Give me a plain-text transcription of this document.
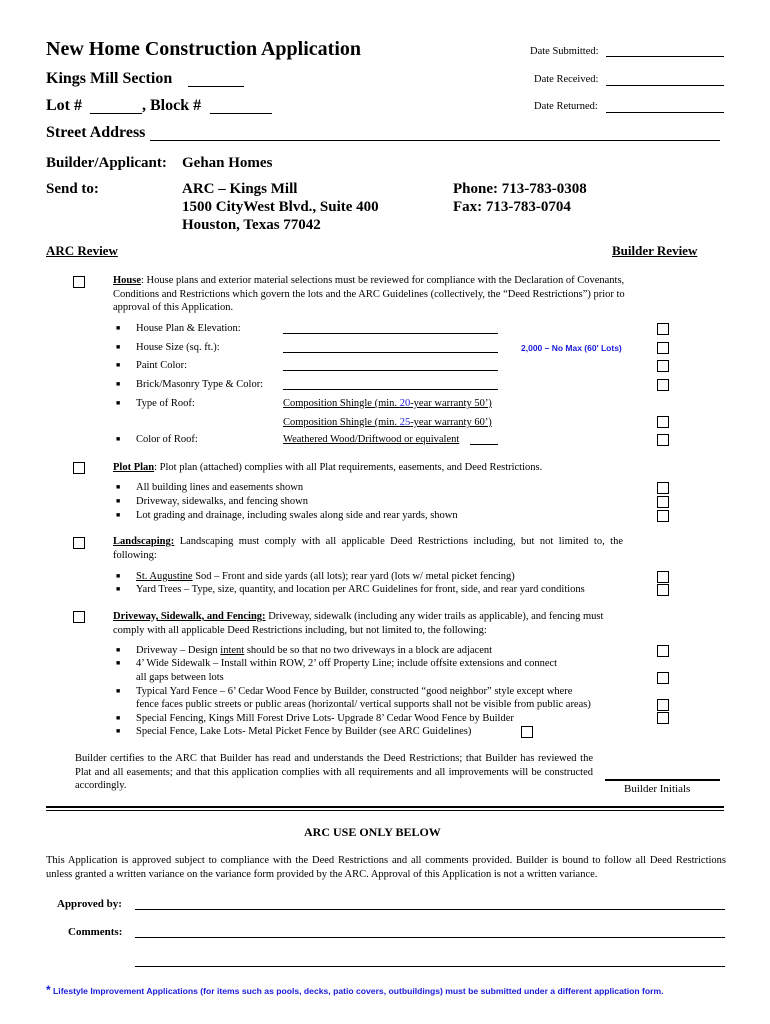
New Home Construction Application	Date Submitted:
Kings Mill Section	Date Received:
Lot #	, Block #	Date Returned:
Street Address
Builder/Applicant: Gehan Homes
Send to:	ARC – Kings Mill
1500 CityWest Blvd., Suite 400
Houston, Texas 77042
Phone: 713-783-0308
Fax: 713-783-0704
ARC Review	Builder Review
House: House plans and exterior material selections must be reviewed for compliance with the Declaration of Covenants, Conditions and Restrictions which govern the lots and the ARC Guidelines (collectively, the “Deed Restrictions”) prior to approval of this Application.
■ House Plan & Elevation:
■ House Size (sq. ft.):	2,000 – No Max (60' Lots)
■ Paint Color:
■ Brick/Masonry Type & Color:
■ Type of Roof:	Composition Shingle (min. 20-year warranty 50’)
Composition Shingle (min. 25-year warranty 60’)
■ Color of Roof:	Weathered Wood/Driftwood or equivalent
Plot Plan: Plot plan (attached) complies with all Plat requirements, easements, and Deed Restrictions.
■ All building lines and easements shown
■ Driveway, sidewalks, and fencing shown
■ Lot grading and drainage, including swales along side and rear yards, shown
Landscaping: Landscaping must comply with all applicable Deed Restrictions including, but not limited to, the following:
■ St. Augustine Sod – Front and side yards (all lots); rear yard (lots w/ metal picket fencing)
■ Yard Trees – Type, size, quantity, and location per ARC Guidelines for front, side, and rear yard conditions
Driveway, Sidewalk, and Fencing: Driveway, sidewalk (including any wider trails as applicable), and fencing must comply with all applicable Deed Restrictions including, but not limited to, the following:
■ Driveway – Design intent should be so that no two driveways in a block are adjacent
■ 4’ Wide Sidewalk – Install within ROW, 2’ off Property Line; include offsite extensions and connect
all gaps between lots
■ Typical Yard Fence – 6’ Cedar Wood Fence by Builder, constructed “good neighbor” style except where
fence faces public streets or public areas (horizontal/ vertical supports shall not be visible from public areas)
■ Special Fencing, Kings Mill Forest Drive Lots- Upgrade 8’ Cedar Wood Fence by Builder
■ Special Fence, Lake Lots- Metal Picket Fence by Builder (see ARC Guidelines)
Builder certifies to the ARC that Builder has read and understands the Deed Restrictions; that Builder has reviewed the Plat and all easements; and that this application complies with all requirements and all improvements will be constructed accordingly.	Builder Initials
ARC USE ONLY BELOW
This Application is approved subject to compliance with the Deed Restrictions and all comments provided. Builder is bound to follow all Deed Restrictions unless granted a written variance on the variance form provided by the ARC. Approval of this Application is not a written variance.
Approved by:
Comments:
* Lifestyle Improvement Applications (for items such as pools, decks, patio covers, outbuildings) must be submitted under a different application form.
